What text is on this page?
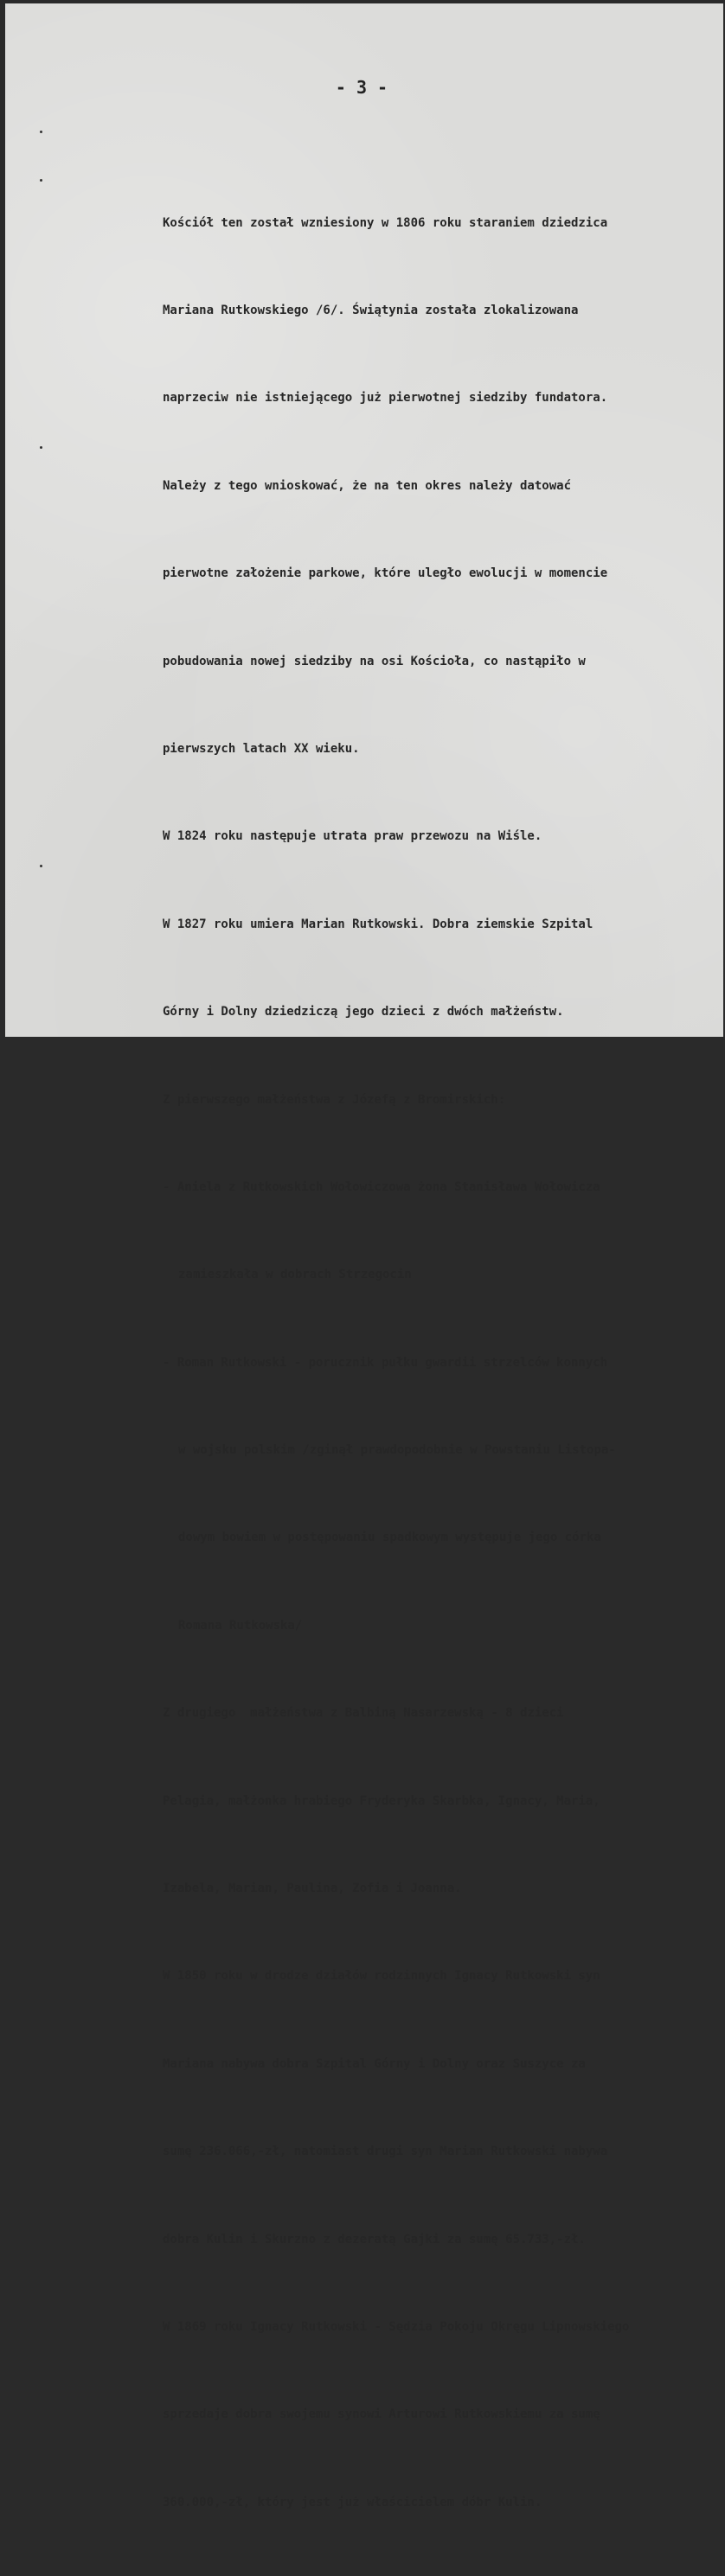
- 3 -

Kościół ten został wzniesiony w 1806 roku staraniem dziedzica

Mariana Rutkowskiego /6/. Świątynia została zlokalizowana

naprzeciw nie istniejącego już pierwotnej siedziby fundatora.

Należy z tego wnioskować, że na ten okres należy datować

pierwotne założenie parkowe, które uległo ewolucji w momencie

pobudowania nowej siedziby na osi Kościoła, co nastąpiło w

pierwszych latach XX wieku.

W 1824 roku następuje utrata praw przewozu na Wiśle.

W 1827 roku umiera Marian Rutkowski. Dobra ziemskie Szpital

Górny i Dolny dziedziczą jego dzieci z dwóch małżeństw.

Z pierwszego małżeństwa z Józefą z Bromirskich:

- Aniela z Rutkowskich Wołowiczowa żona Stanisława Wołowicza

zamieszkała w dobrach Strzegocin

- Roman Rutkowski - porucznik pułku gwardii strzelców konnych

w wojsku polskim /zginął prawdopodobnie w Powstaniu Listopa-

dowym bowiem w postępowaniu spadkowym występuje jego córka

Romana Rutkowska/

Z drugiego  małżeństwa z Balbiną Nasarzewską - 8 dzieci

Pelagia, małżonka hrabiego Fryderyka Skarbka, Ignacy, Maria,

Izabela, Marian, Paulina, Zofia i Joanna.

W 1850 roku w drodze działów rodzinnych Ignacy Rutkowski syn

Mariana nabywa dobra Szpital Górny i Dolny oraz Suszyce za

sumę 236.066,-zł, natomiast drugi syn Marian Rutkowski nabywa

dobra Kulin i Skurzno z dezeratą Gajki za sumę 65.733,-zł.

W 1869 roku Ignacy Rutkowski - Sędzia Pokoju Okręgu Lipnowskiego

sprzedaje dobra swojemu synowi Arturowi Rutkowskiemu za sumę

360.000,-zł, który jest już właścicielem dóbr Kulin.
